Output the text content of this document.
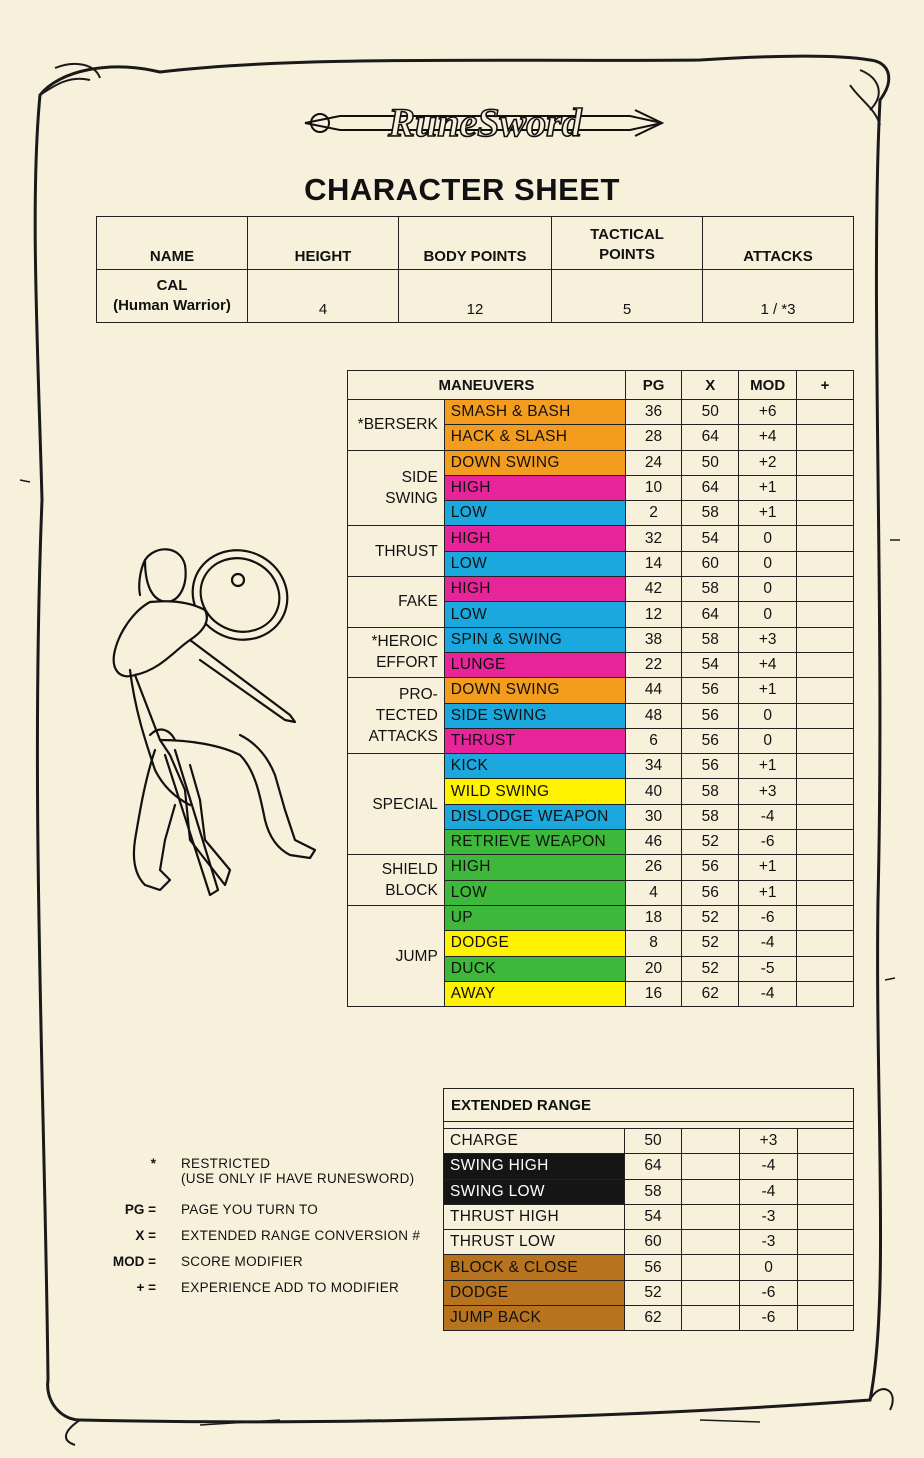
RuneSword
CHARACTER SHEET
NAME	HEIGHT	BODY POINTS	TACTICAL POINTS	ATTACKS

CAL
(Human Warrior)	4	12	5	1 / *3
MANEUVERS		PG	X	MOD	+
*BERSERK	SMASH & BASH	36	50	+6	
	HACK & SLASH	28	64	+4	
SIDE
SWING	DOWN SWING	24	50	+2	
	HIGH	10	64	+1	
	LOW	2	58	+1	
THRUST	HIGH	32	54	0	
	LOW	14	60	0	
FAKE	HIGH	42	58	0	
	LOW	12	64	0	
*HEROIC
EFFORT	SPIN & SWING	38	58	+3	
	LUNGE	22	54	+4	
PRO-
TECTED
ATTACKS	DOWN SWING	44	56	+1	
	SIDE SWING	48	56	0	
	THRUST	6	56	0	
SPECIAL	KICK	34	56	+1	
	WILD SWING	40	58	+3	
	DISLODGE WEAPON	30	58	-4	
	RETRIEVE WEAPON	46	52	-6	
SHIELD
BLOCK	HIGH	26	56	+1	
	LOW	4	56	+1	
JUMP	UP	18	52	-6	
	DODGE	8	52	-4	
	DUCK	20	52	-5	
	AWAY	16	62	-4	
EXTENDED RANGE				

CHARGE	50		+3	
SWING HIGH	64		-4	
SWING LOW	58		-4	
THRUST HIGH	54		-3	
THRUST LOW	60		-3	
BLOCK & CLOSE	56		0	
DODGE	52		-6	
JUMP BACK	62		-6	
* RESTRICTED
(USE ONLY IF HAVE RUNESWORD)
PG = PAGE YOU TURN TO
X = EXTENDED RANGE CONVERSION #
MOD = SCORE MODIFIER
+ = EXPERIENCE ADD TO MODIFIER
